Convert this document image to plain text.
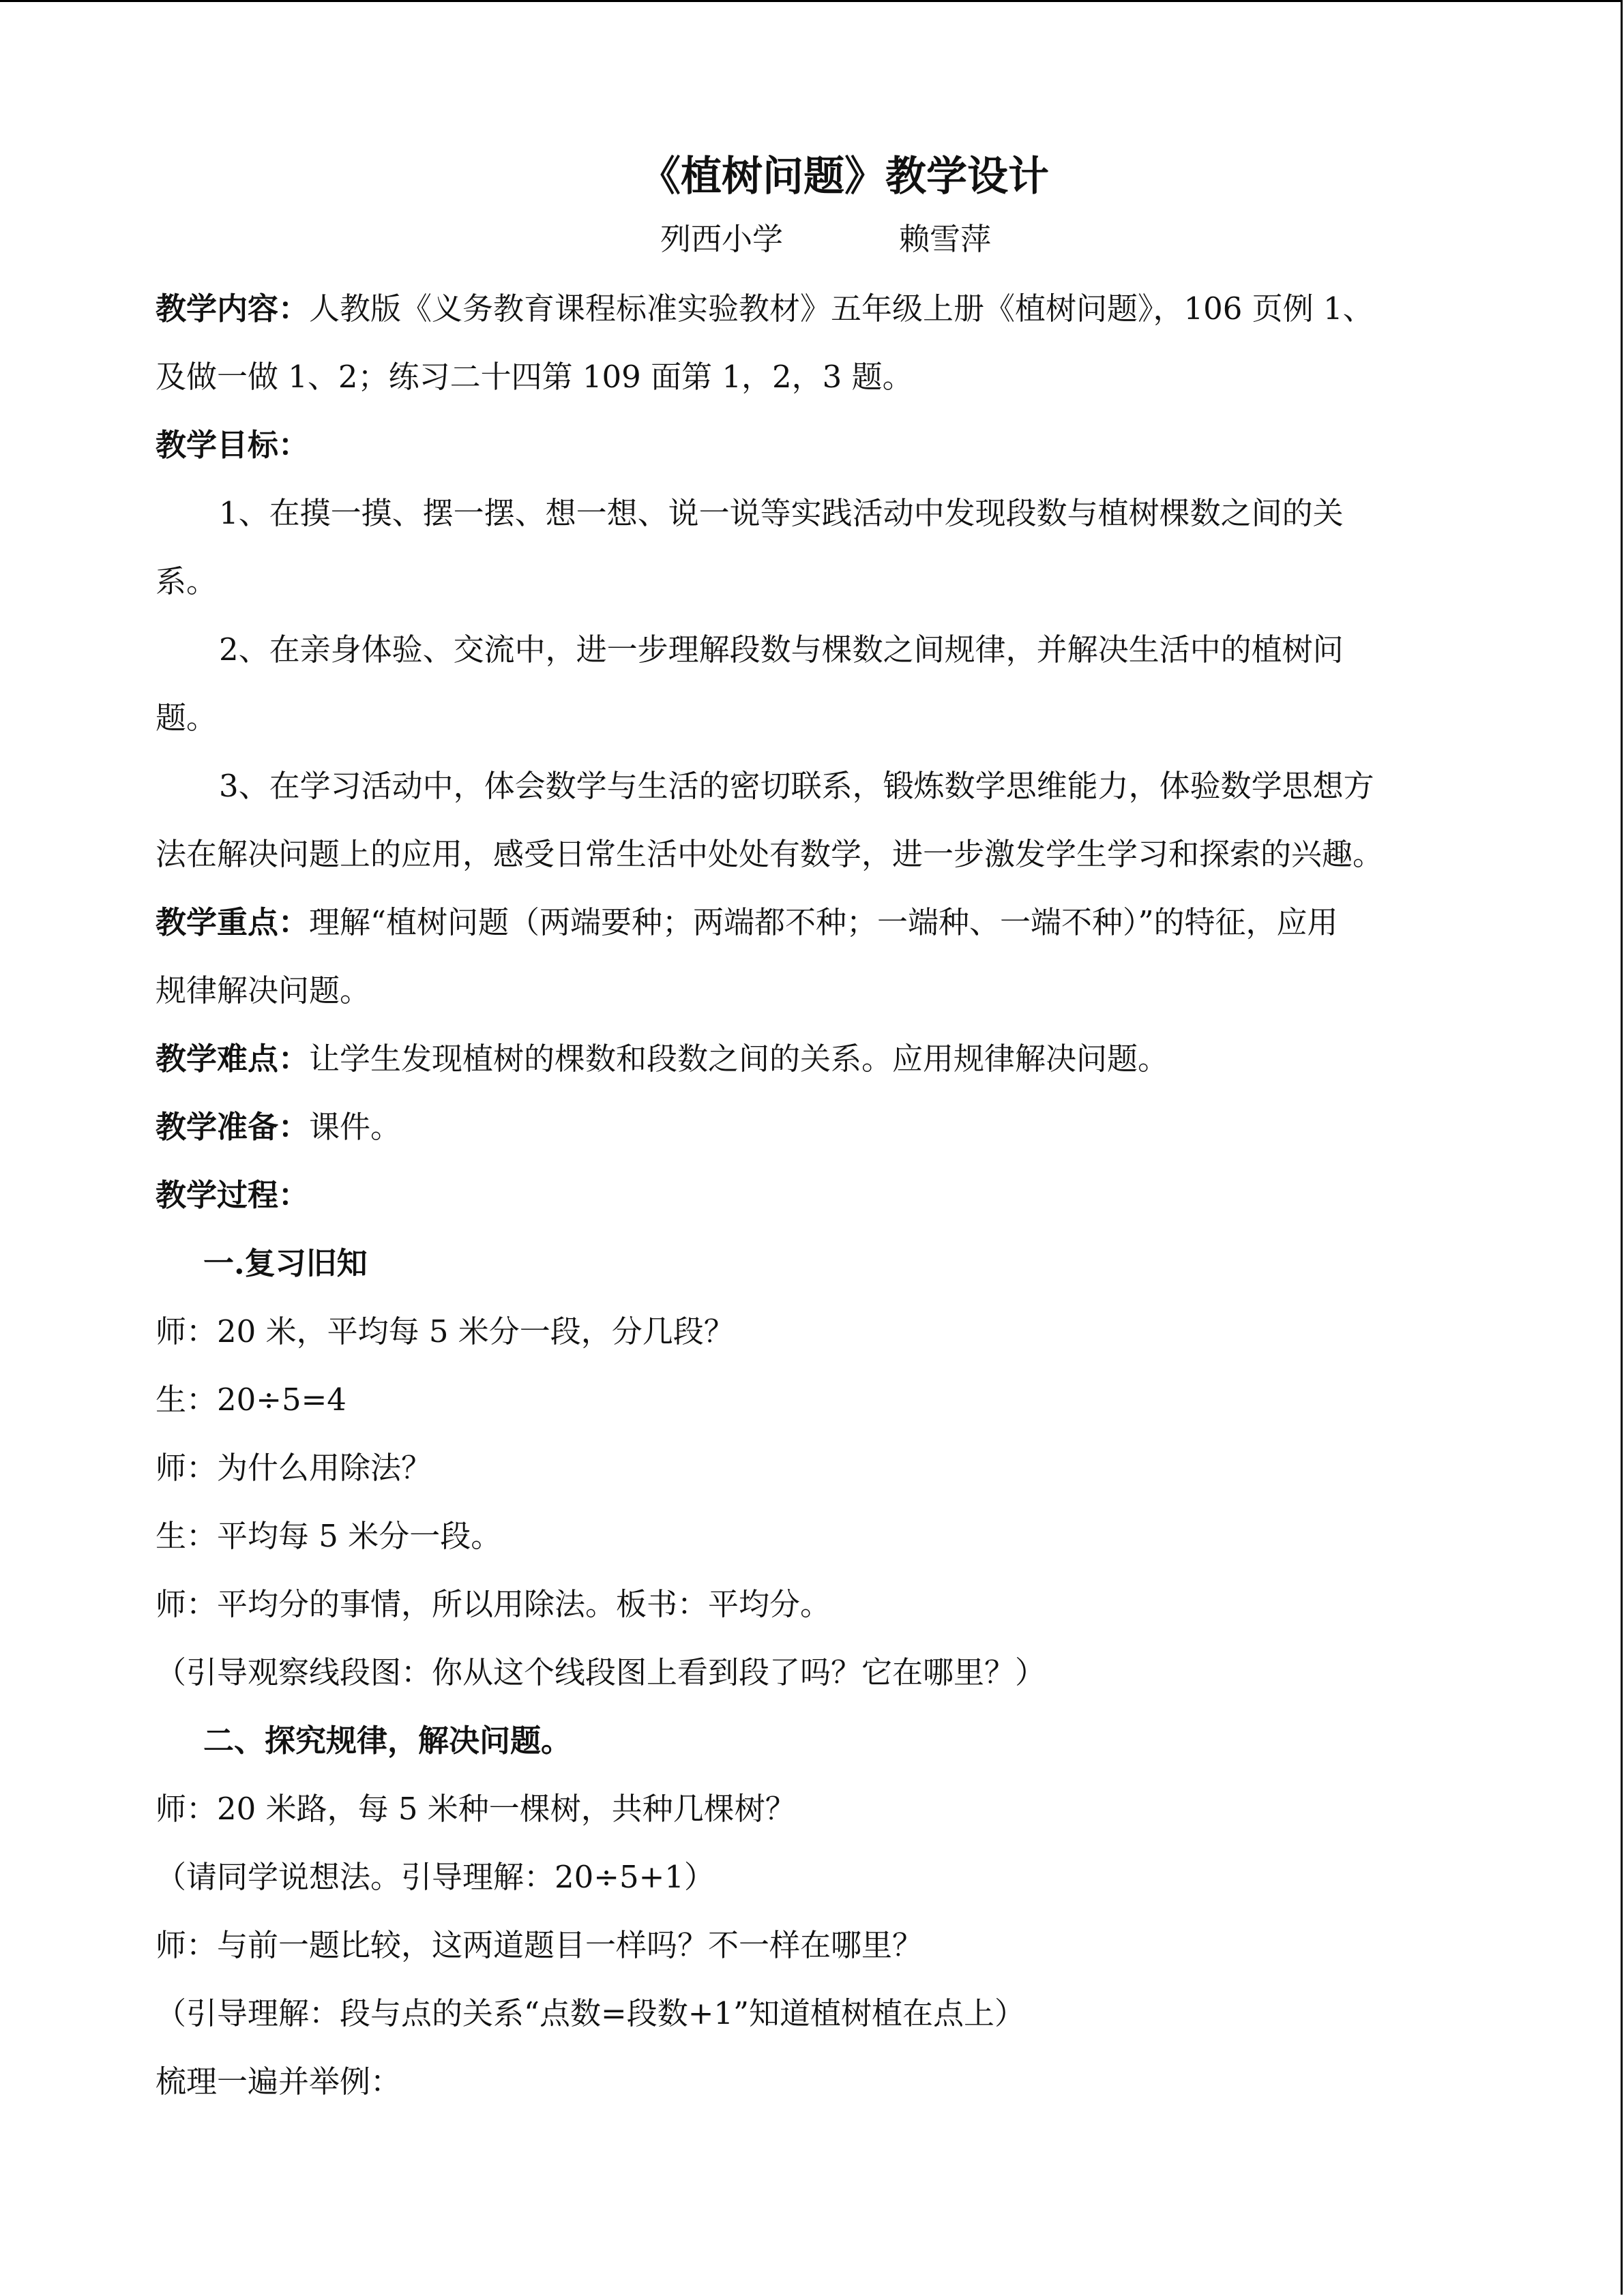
《植树问题》教学设计
列西小学	赖雪萍
教学内容：人教版《义务教育课程标准实验教材》五年级上册《植树问题》，106 页例 1、
及做一做 1、2；练习二十四第 109 面第 1，2，3 题。
教学目标：
1、在摸一摸、摆一摆、想一想、说一说等实践活动中发现段数与植树棵数之间的关
系。
2、在亲身体验、交流中，进一步理解段数与棵数之间规律，并解决生活中的植树问
题。
3、在学习活动中，体会数学与生活的密切联系，锻炼数学思维能力，体验数学思想方
法在解决问题上的应用，感受日常生活中处处有数学，进一步激发学生学习和探索的兴趣。
教学重点：理解“植树问题（两端要种；两端都不种；一端种、一端不种）”的特征，应用
规律解决问题。
教学难点：让学生发现植树的棵数和段数之间的关系。应用规律解决问题。
教学准备：课件。
教学过程：
一.复习旧知
师：20 米，平均每 5 米分一段，分几段？
生：20÷5=4
师：为什么用除法？
生：平均每 5 米分一段。
师：平均分的事情，所以用除法。板书：平均分。
（引导观察线段图：你从这个线段图上看到段了吗？它在哪里？）
二、探究规律，解决问题。
师：20 米路，每 5 米种一棵树，共种几棵树？
（请同学说想法。引导理解：20÷5+1）
师：与前一题比较，这两道题目一样吗？不一样在哪里？
（引导理解：段与点的关系“点数=段数+1”知道植树植在点上）
梳理一遍并举例：
